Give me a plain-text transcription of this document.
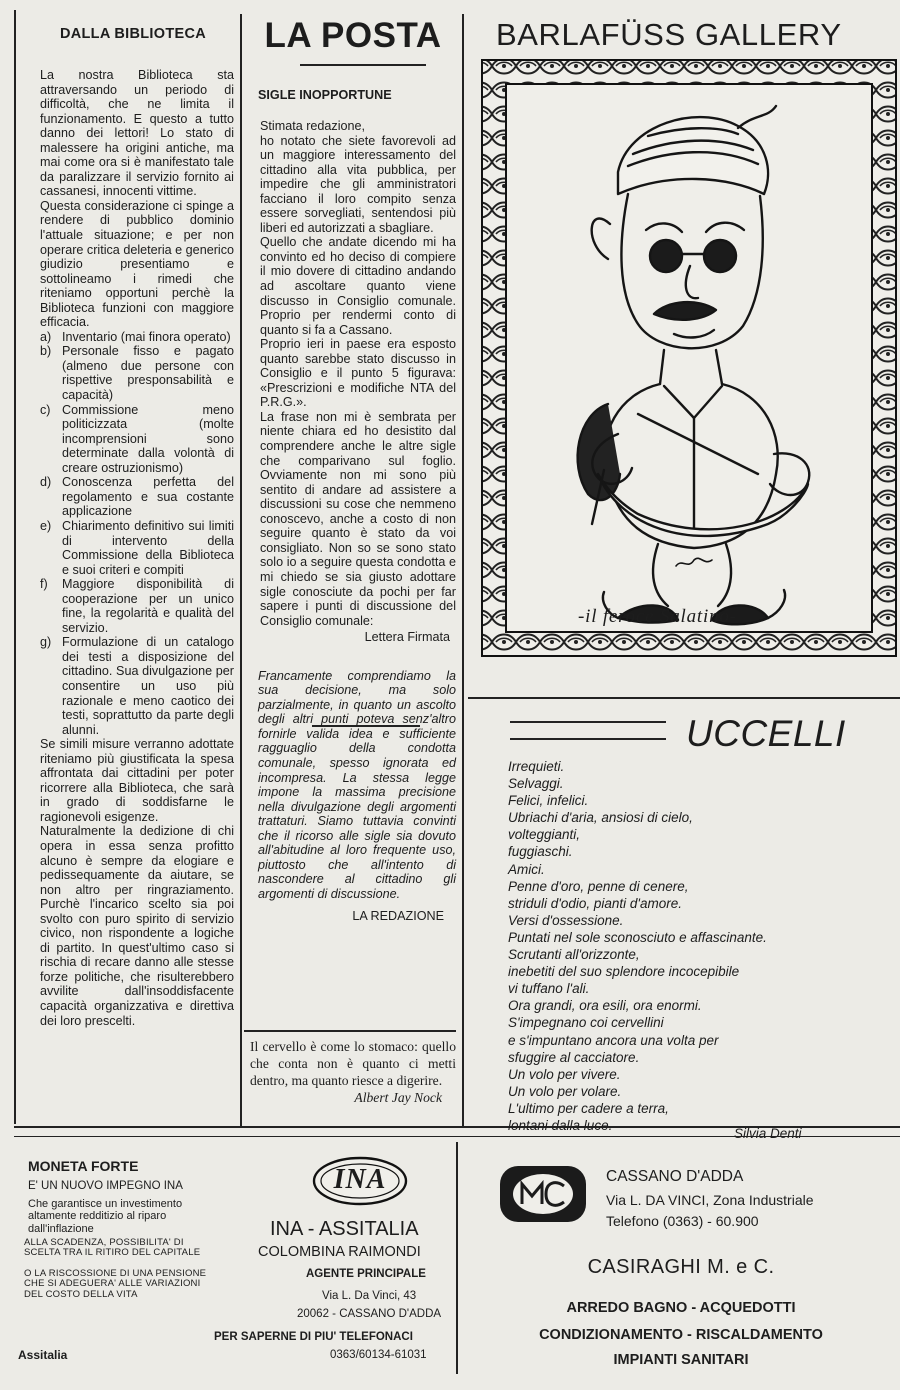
DALLA BIBLIOTECA

La nostra Biblioteca sta attraversando un periodo di difficoltà, che ne limita il funzionamento. E questo a tutto danno dei lettori! Lo stato di malessere ha origini antiche, ma mai come ora si è manifestato tale da paralizzare il servizio fornito ai cassanesi, innocenti vittime.

Questa considerazione ci spinge a rendere di pubblico dominio l'attuale situazione; e per non operare critica deleteria e generico giudizio presentiamo e sottolineamo i rimedi che riteniamo opportuni perchè la Biblioteca funzioni con maggiore efficacia.

a) Inventario (mai finora operato)
b) Personale fisso e pagato (almeno due persone con rispettive presponsabilità e capacità)
c) Commissione meno politicizzata (molte incomprensioni sono determinate dalla volontà di creare ostruzionismo)
d) Conoscenza perfetta del regolamento e sua costante applicazione
e) Chiarimento definitivo sui limiti di intervento della Commissione della Biblioteca e suoi criteri e compiti
f) Maggiore disponibilità di cooperazione per un unico fine, la regolarità e qualità del servizio.
g) Formulazione di un catalogo dei testi a disposizione del cittadino. Sua divulgazione per consentire un uso più razionale e meno caotico dei testi, soprattutto da parte degli alunni.

Se simili misure verranno adottate riteniamo più giustificata la spesa affrontata dai cittadini per poter ricorrere alla Biblioteca, che sarà in grado di soddisfarne le ragionevoli esigenze.

Naturalmente la dedizione di chi opera in essa senza profitto alcuno è sempre da elogiare e pedissequamente da aiutare, se non altro per ringraziamento. Purchè l'incarico scelto sia poi svolto con puro spirito di servizio civico, non rispondente a logiche di partito. In quest'ultimo caso si rischia di recare danno alle stesse forze politiche, che risulterebbero avvilite dall'insoddisfacente capacità organizzativa e direttiva dei loro prescelti.

LA POSTA
SIGLE INOPPORTUNE

Stimata redazione,

ho notato che siete favorevoli ad un maggiore interessamento del cittadino alla vita pubblica, per impedire che gli amministratori facciano il loro compito senza essere sorvegliati, sentendosi più liberi ed autorizzati a sbagliare.

Quello che andate dicendo mi ha convinto ed ho deciso di compiere il mio dovere di cittadino andando ad ascoltare quanto viene discusso in Consiglio comunale. Proprio per rendermi conto di quanto si fa a Cassano.

Proprio ieri in paese era esposto quanto sarebbe stato discusso in Consiglio e il punto 5 figurava: «Prescrizioni e modifiche NTA del P.R.G.».

La frase non mi è sembrata per niente chiara ed ho desistito dal comprendere anche le altre sigle che comparivano sul foglio. Ovviamente non mi sono più sentito di andare ad assistere a discussioni su cose che nemmeno conoscevo, anche a costo di non seguire quanto è stato da voi consigliato. Non so se sono stato solo io a seguire questa condotta e mi chiedo se sia giusto adottare sigle conosciute da pochi per far sapere i punti di discussione del Consiglio comunale:

Lettera Firmata

Francamente comprendiamo la sua decisione, ma solo parzialmente, in quanto un ascolto degli altri punti poteva senz'altro fornirle valida idea e sufficiente ragguaglio della condotta comunale, spesso ignorata ed incompresa. La stessa legge impone la massima precisione nella divulgazione degli argomenti trattaturi. Siamo tuttavia convinti che il ricorso alle sigle sia dovuto all'abitudine al loro frequente uso, piuttosto che all'intento di nascondere al cittadino gli argomenti di discussione.

LA REDAZIONE
Il cervello è come lo stomaco: quello che conta non è quanto ci metti dentro, ma quanto riesce a digerire.
Albert Jay Nock
BARLAFÜSS GALLERY
-il feroce Salatino-
UCCELLI
Irrequieti.
Selvaggi.
Felici, infelici.
Ubriachi d'aria, ansiosi di cielo,
volteggianti,
fuggiaschi.
Amici.
Penne d'oro, penne di cenere,
striduli d'odio, pianti d'amore.
Versi d'ossessione.
Puntati nel sole sconosciuto e affascinante.
Scrutanti all'orizzonte,
inebetiti del suo splendore incocepibile
vi tuffano l'ali.
Ora grandi, ora esili, ora enormi.
S'impegnano coi cervellini
e s'impuntano ancora una volta per
sfuggire al cacciatore.
Un volo per vivere.
Un volo per volare.
L'ultimo per cadere a terra,
lontani dalla luce.
Silvia Denti
MONETA FORTE
E' UN NUOVO IMPEGNO INA
Che garantisce un investimento altamente redditizio al riparo dall'inflazione
ALLA SCADENZA, POSSIBILITA' DI SCELTA TRA IL RITIRO DEL CAPITALE
O LA RISCOSSIONE DI UNA PENSIONE CHE SI ADEGUERA' ALLE VARIAZIONI DEL COSTO DELLA VITA
Assitalia
INA
INA - ASSITALIA
COLOMBINA RAIMONDI
AGENTE PRINCIPALE
Via L. Da Vinci, 43
20062 - CASSANO D'ADDA
PER SAPERNE DI PIU' TELEFONACI
0363/60134-61031
CASSANO D'ADDA
Via L. DA VINCI, Zona Industriale
Telefono (0363) - 60.900
CASIRAGHI M. e C.
ARREDO BAGNO - ACQUEDOTTI
CONDIZIONAMENTO - RISCALDAMENTO
IMPIANTI SANITARI
